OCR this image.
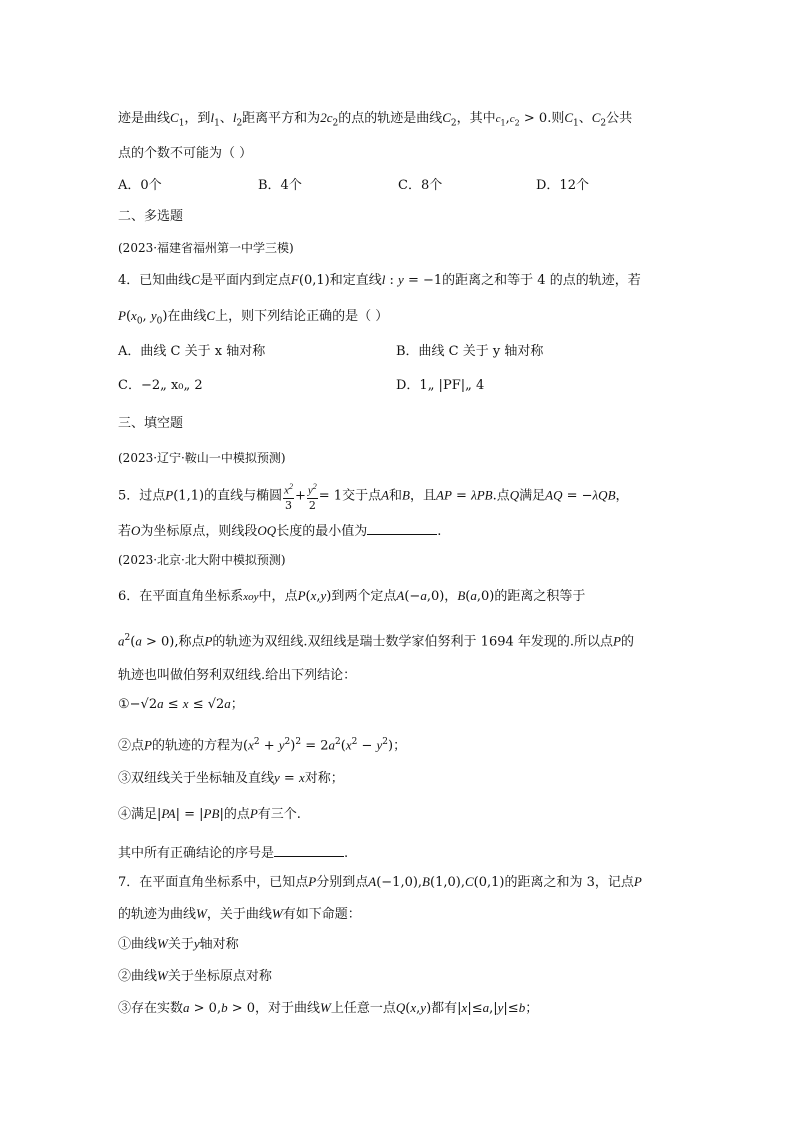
迹是曲线$C_1$，到$l_1$、$l_2$距离平方和为$2c_2$的点的轨迹是曲线$C_2$，其中$c_1,c_2 > 0$.则$C_1$、$C_2$公共
点的个数不可能为（ ）
A．0个	B．4个	C．8个	D．12个
二、多选题
(2023·福建省福州第一中学三模)
4．已知曲线C是平面内到定点F(0,1)和定直线l : y = −1的距离之和等于 4 的点的轨迹，若
$P(x_0$, $y_0$)在曲线C上，则下列结论正确的是（ ）
A．曲线 C 关于 x 轴对称	B．曲线 C 关于 y 轴对称
C．−2„ x₀„ 2	D．1„ |PF|„ 4
三、填空题
(2023·辽宁·鞍山一中模拟预测)
5．过点P(1,1)的直线与椭圆 $\frac{x^2}{3} + \frac{y^2}{2} = 1$交于点A和B，且AP = λPB.点Q满足AQ = −λQB，
若O为坐标原点，则线段OQ长度的最小值为	.
(2023·北京·北大附中模拟预测)
6．在平面直角坐标系xoy中，点P(x,y)到两个定点A(−a,0)，B(a,0)的距离之积等于
$a^2(a > 0)$,称点P的轨迹为双纽线.双纽线是瑞士数学家伯努利于 1694 年发现的.所以点P的
轨迹也叫做伯努利双纽线.给出下列结论：
①−√2a ≤ x ≤ √2a；
②点P的轨迹的方程为$(x^2 + y^2)^2 = 2a^2(x^2 - y^2)$；
③双纽线关于坐标轴及直线y = x对称；
④满足|PA| = |PB|的点P有三个.
其中所有正确结论的序号是	.
7．在平面直角坐标系中，已知点P分别到点A(−1,0),B(1,0),C(0,1)的距离之和为 3，记点P
的轨迹为曲线W，关于曲线W有如下命题：
①曲线W关于y轴对称
②曲线W关于坐标原点对称
③存在实数a > 0,b > 0，对于曲线W上任意一点Q(x,y)都有|x|≤a,|y|≤b；
